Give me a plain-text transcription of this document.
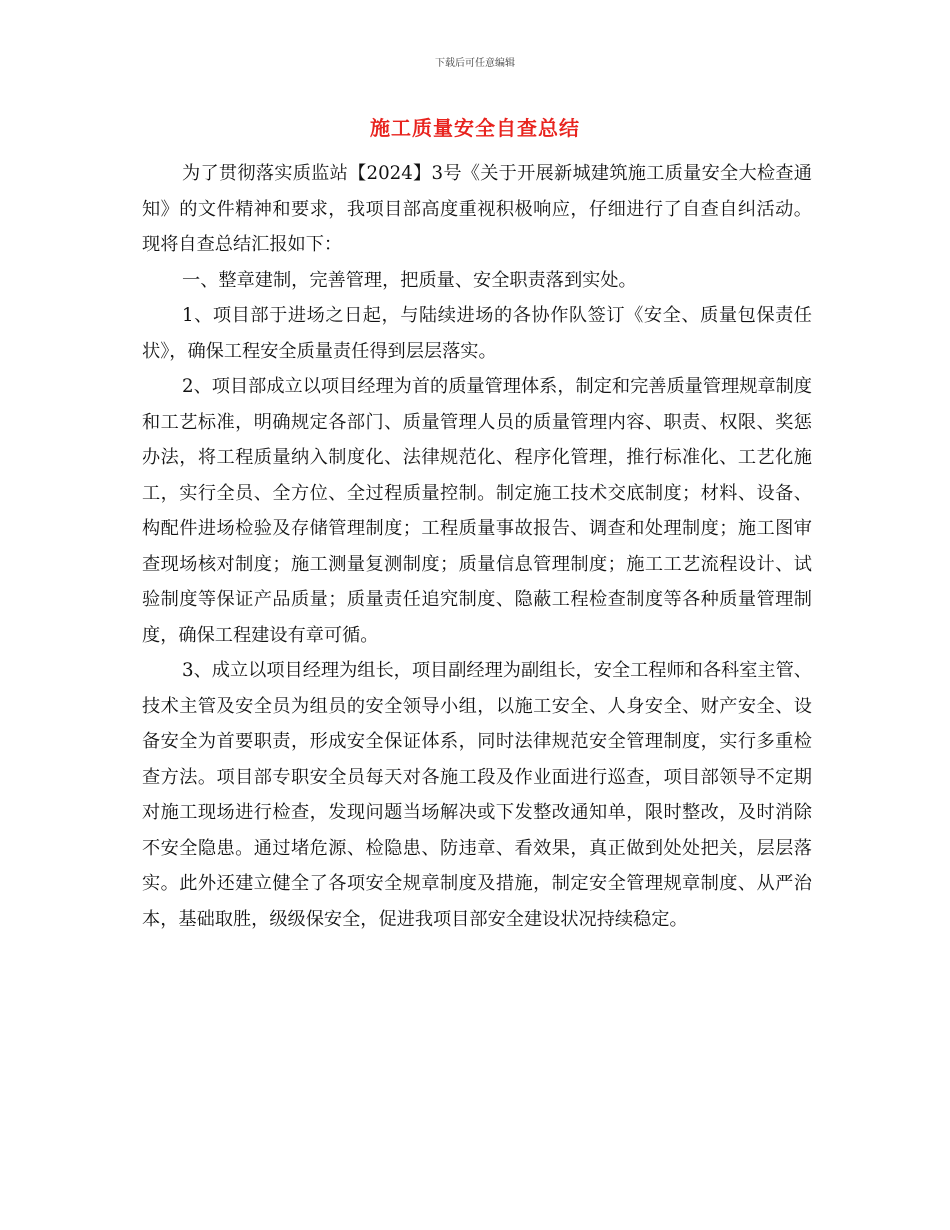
下载后可任意编辑
施工质量安全自查总结

为了贯彻落实质监站【2024】3号《关于开展新城建筑施工质量安全大检查通知》的文件精神和要求，我项目部高度重视积极响应，仔细进行了自查自纠活动。现将自查总结汇报如下：

一、整章建制，完善管理，把质量、安全职责落到实处。

1、项目部于进场之日起，与陆续进场的各协作队签订《安全、质量包保责任状》，确保工程安全质量责任得到层层落实。

2、项目部成立以项目经理为首的质量管理体系，制定和完善质量管理规章制度和工艺标准，明确规定各部门、质量管理人员的质量管理内容、职责、权限、奖惩办法，将工程质量纳入制度化、法律规范化、程序化管理，推行标准化、工艺化施工，实行全员、全方位、全过程质量控制。制定施工技术交底制度；材料、设备、构配件进场检验及存储管理制度；工程质量事故报告、调查和处理制度；施工图审查现场核对制度；施工测量复测制度；质量信息管理制度；施工工艺流程设计、试验制度等保证产品质量；质量责任追究制度、隐蔽工程检查制度等各种质量管理制度，确保工程建设有章可循。

3、成立以项目经理为组长，项目副经理为副组长，安全工程师和各科室主管、技术主管及安全员为组员的安全领导小组，以施工安全、人身安全、财产安全、设备安全为首要职责，形成安全保证体系，同时法律规范安全管理制度，实行多重检查方法。项目部专职安全员每天对各施工段及作业面进行巡查，项目部领导不定期对施工现场进行检查，发现问题当场解决或下发整改通知单，限时整改，及时消除不安全隐患。通过堵危源、检隐患、防违章、看效果，真正做到处处把关，层层落实。此外还建立健全了各项安全规章制度及措施，制定安全管理规章制度、从严治本，基础取胜，级级保安全，促进我项目部安全建设状况持续稳定。
